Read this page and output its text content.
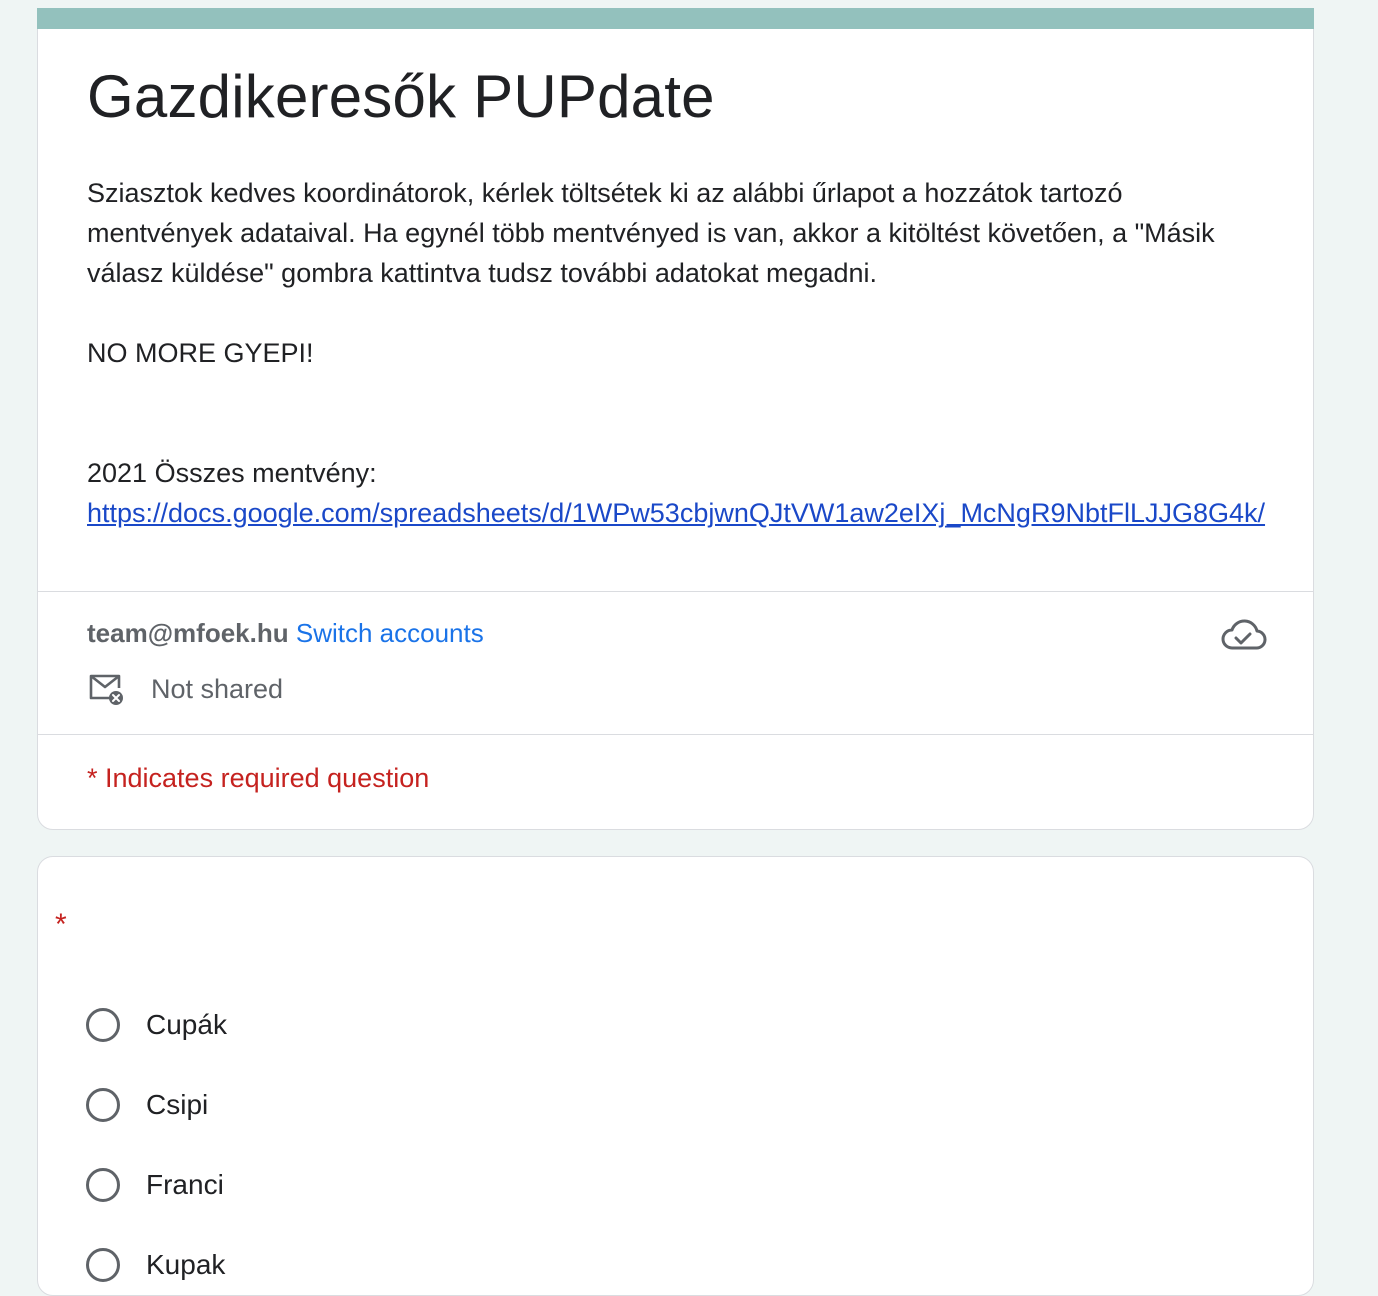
Gazdikeresők PUPdate

Sziasztok kedves koordinátorok, kérlek töltsétek ki az alábbi űrlapot a hozzátok tartozó mentvények adataival. Ha egynél több mentvényed is van, akkor a kitöltést követően, a "Másik válasz küldése" gombra kattintva tudsz további adatokat megadni.

NO MORE GYEPI!

2021 Összes mentvény:

https://docs.google.com/spreadsheets/d/1WPw53cbjwnQJtVW1aw2eIXj_McNgR9NbtFlLJJG8G4k/

team@mfoek.hu Switch accounts
Not shared
* Indicates required question
*
Cupák
Csipi
Franci
Kupak
